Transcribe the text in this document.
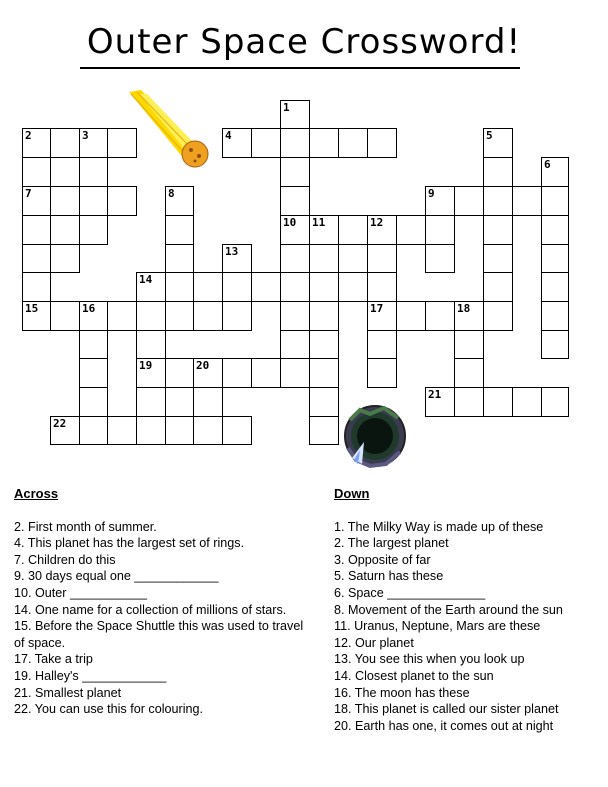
Outer Space Crossword!
2	3
7
15
4
1
10
8	9
5
6
11	12
17
14
13
19
16	18
20
21
22
Across
2. First month of summer.
4. This planet has the largest set of rings.
7. Children do this
9. 30 days equal one ____________
10. Outer ___________
14. One name for a collection of millions of stars.
15. Before the Space Shuttle this was used to travel of space.
17. Take a trip
19. Halley's ____________
21. Smallest planet
22. You can use this for colouring.
Down
1. The Milky Way is made up of these
2. The largest planet
3. Opposite of far
5. Saturn has these
6. Space ______________
8. Movement of the Earth around the sun
11. Uranus, Neptune, Mars are these
12. Our planet
13. You see this when you look up
14. Closest planet to the sun
16. The moon has these
18. This planet is called our sister planet
20. Earth has one, it comes out at night
